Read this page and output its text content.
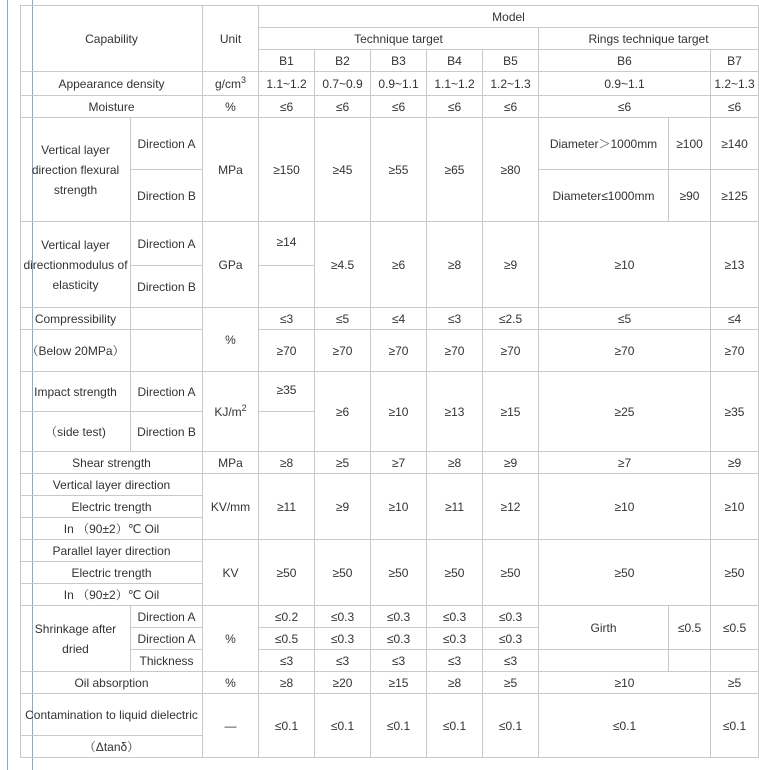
Capability		Unit	Model							
			Technique target					Rings technique target		
			B1	B2	B3	B4	B5	B6		B7
Appearance density		$g/cm^3$	1.1~1.2	0.7~0.9	0.9~1.1	1.1~1.2	1.2~1.3	0.9~1.1		1.2~1.3
Moisture		%	≤6	≤6	≤6	≤6	≤6	≤6		≤6
Vertical layer direction flexural strength	Direction A	MPa	≥150	≥45	≥55	≥65	≥80	Diameter＞1000mm	≥100	≥140
	Direction B							Diameter≤1000mm	≥90	≥125
Vertical layer directionmodulus of elasticity	Direction A	GPa	≥14	≥4.5	≥6	≥8	≥9	≥10		≥13
	Direction B									
Compressibility		%	≤3	≤5	≤4	≤3	≤2.5	≤5		≤4
（Below 20MPa）			≥70	≥70	≥70	≥70	≥70	≥70		≥70
Impact strength	Direction A	$KJ/m^2$	≥35	≥6	≥10	≥13	≥15	≥25		≥35
（side test)	Direction B									
Shear strength		MPa	≥8	≥5	≥7	≥8	≥9	≥7		≥9
Vertical layer direction		KV/mm	≥11	≥9	≥10	≥11	≥12	≥10		≥10
Electric trength										
In （90±2）℃ Oil										
Parallel layer direction		KV	≥50	≥50	≥50	≥50	≥50	≥50		≥50
Electric trength										
In （90±2）℃ Oil										
Shrinkage after dried	Direction A	%	≤0.2	≤0.3	≤0.3	≤0.3	≤0.3	Girth	≤0.5	≤0.5
	Direction A		≤0.5	≤0.3	≤0.3	≤0.3	≤0.3			
	Thickness		≤3	≤3	≤3	≤3	≤3			
Oil absorption		%	≥8	≥20	≥15	≥8	≥5	≥10		≥5
Contamination to liquid dielectric		—	≤0.1	≤0.1	≤0.1	≤0.1	≤0.1	≤0.1		≤0.1
（Δtanδ）										
